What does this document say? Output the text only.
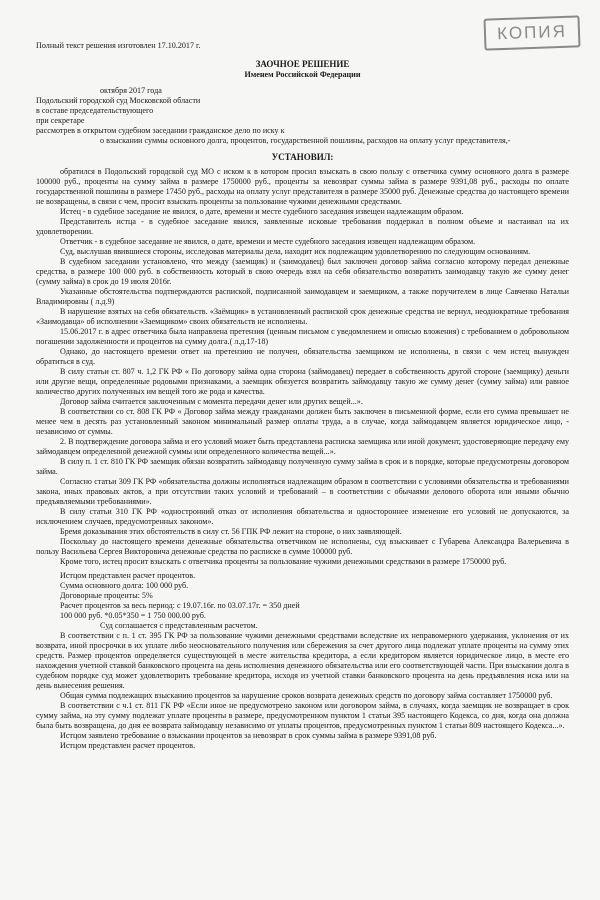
КОПИЯ

Полный текст решения изготовлен 17.10.2017 г.

ЗАОЧНОЕ РЕШЕНИЕ

Именем Российской Федерации

октября 2017 года

Подольский городской суд Московской области

в составе председательствующего

при секретаре

рассмотрев в открытом судебном заседании гражданское дело по иску к

о взыскании суммы основного долга, процентов, государственной пошлины, расходов на оплату услуг представителя,-

УСТАНОВИЛ:

обратился в Подольский городской суд МО с иском к в котором просил взыскать в свою пользу с ответчика сумму основного долга в размере 100000 руб., проценты на сумму займа в размере 1750000 руб., проценты за невозврат суммы займа в размере 9391,08 руб., расходы по оплате государственной пошлины в размере 17450 руб., расходы на оплату услуг представителя в размере 35000 руб. Денежные средства до настоящего времени не возвращены, в связи с чем, просит взыскать проценты за пользование чужими денежными средствами.

Истец - в судебное заседание не явился, о дате, времени и месте судебного заседания извещен надлежащим образом.

Представитель истца - в судебное заседание явился, заявленные исковые требования поддержал в полном объеме и настаивал на их удовлетворении.

Ответчик - в судебное заседание не явился, о дате, времени и месте судебного заседания извещен надлежащим образом.

Суд, выслушав явившиеся стороны, исследовав материалы дела, находит иск подлежащим удовлетворению по следующим основаниям.

В судебном заседании установлено, что между (заемщик) и (заимодавец) был заключен договор займа согласно которому передал денежные средства, в размере 100 000 руб. в собственность который в свою очередь взял на себя обязательство возвратить заимодавцу такую же сумму денег (сумму займа) в срок до 19 июля 2016г.

Указанные обстоятельства подтверждаются распиской, подписанной заимодавцем и заемщиком, а также поручителем в лице Савченко Натальи Владимировны ( л.д.9)

В нарушение взятых на себя обязательств. «Заёмщик» в установленный распиской срок денежные средства не вернул, неоднократные требования «Заимодавца» об исполнении «Заемщиком» своих обязательств не исполнены.

15.06.2017 г. в адрес ответчика была направлена претензия (ценным письмом с уведомлением и описью вложения) с требованием о добровольном погашении задолженности и процентов на сумму долга.( л.д.17-18)

Однако, до настоящего времени ответ на претензию не получен, обязательства заемщиком не исполнены, в связи с чем истец вынужден обратиться в суд.

В силу статьи ст. 807 ч. 1,2 ГК РФ « По договору займа одна сторона (займодавец) передает в собственность другой стороне (заемщику) деньги или другие вещи, определенные родовыми признаками, а заемщик обязуется возвратить займодавцу такую же сумму денег (сумму займа) или равное количество других полученных им вещей того же рода и качества.

Договор займа считается заключенным с момента передачи денег или других вещей...».

В соответствии со ст. 808 ГК РФ « Договор займа между гражданами должен быть заключен в письменной форме, если его сумма превышает не менее чем в десять раз установленный законом минимальный размер оплаты труда, а в случае, когда займодавцем является юридическое лицо, - независимо от суммы.

2. В подтверждение договора займа и его условий может быть представлена расписка заемщика или иной документ, удостоверяющие передачу ему займодавцем определенной денежной суммы или определенного количества вещей...».

В силу п. 1 ст. 810 ГК РФ заемщик обязан возвратить займодавцу полученную сумму займа в срок и в порядке, которые предусмотрены договором займа.

Согласно статьи 309 ГК РФ «обязательства должны исполняться надлежащим образом в соответствии с условиями обязательства и требованиями закона, иных правовых актов, а при отсутствии таких условий и требований – в соответствии с обычаями делового оборота или иными обычно предъявляемыми требованиями».

В силу статьи 310 ГК РФ «одностронний отказ от исполнения обязательства и одностороннее изменение его условий не допускаются, за исключением случаев, предусмотренных законом».

Бремя доказывания этих обстоятельств в силу ст. 56 ГПК РФ лежит на стороне, о них заявляющей.

Поскольку до настоящего времени денежные обязательства ответчиком не исполнены, суд взыскивает с Губарева Александра Валерьевича в пользу Васильева Сергея Викторовича денежные средства по расписке в сумме 100000 руб.

Кроме того, истец просит взыскать с ответчика проценты за пользование чужими денежными средствами в размере 1750000 руб.

Истцом представлен расчет процентов.

Сумма основного долга: 100 000 руб.

Договорные проценты: 5%

Расчет процентов за весь период: с 19.07.16г. по 03.07.17г. = 350 дней

100 000 руб. *0.05*350 = 1 750 000.00 руб.

Суд соглашается с представленным расчетом.

В соответствии с п. 1 ст. 395 ГК РФ за пользование чужими денежными средствами вследствие их неправомерного удержания, уклонения от их возврата, иной просрочки в их уплате либо неосновательного получения или сбережения за счет другого лица подлежат уплате проценты на сумму этих средств. Размер процентов определяется существующей в месте жительства кредитора, а если кредитором является юридическое лицо, в месте его нахождения учетной ставкой банковского процента на день исполнения денежного обязательства или его соответствующей части. При взыскании долга в судебном порядке суд может удовлетворить требование кредитора, исходя из учетной ставки банковского процента на день предъявления иска или на день вынесения решения.

Общая сумма подлежащих взысканию процентов за нарушение сроков возврата денежных средств по договору займа составляет 1750000 руб.

В соответствии с ч.1 ст. 811 ГК РФ «Если иное не предусмотрено законом или договором займа, в случаях, когда заемщик не возвращает в срок сумму займа, на эту сумму подлежат уплате проценты в размере, предусмотренном пунктом 1 статьи 395 настоящего Кодекса, со дня, когда она должна была быть возвращена, до дня ее возврата займодавцу независимо от уплаты процентов, предусмотренных пунктом 1 статьи 809 настоящего Кодекса...».

Истцом заявлено требование о взыскании процентов за невозврат в срок суммы займа в размере 9391,08 руб.

Истцом представлен расчет процентов.
